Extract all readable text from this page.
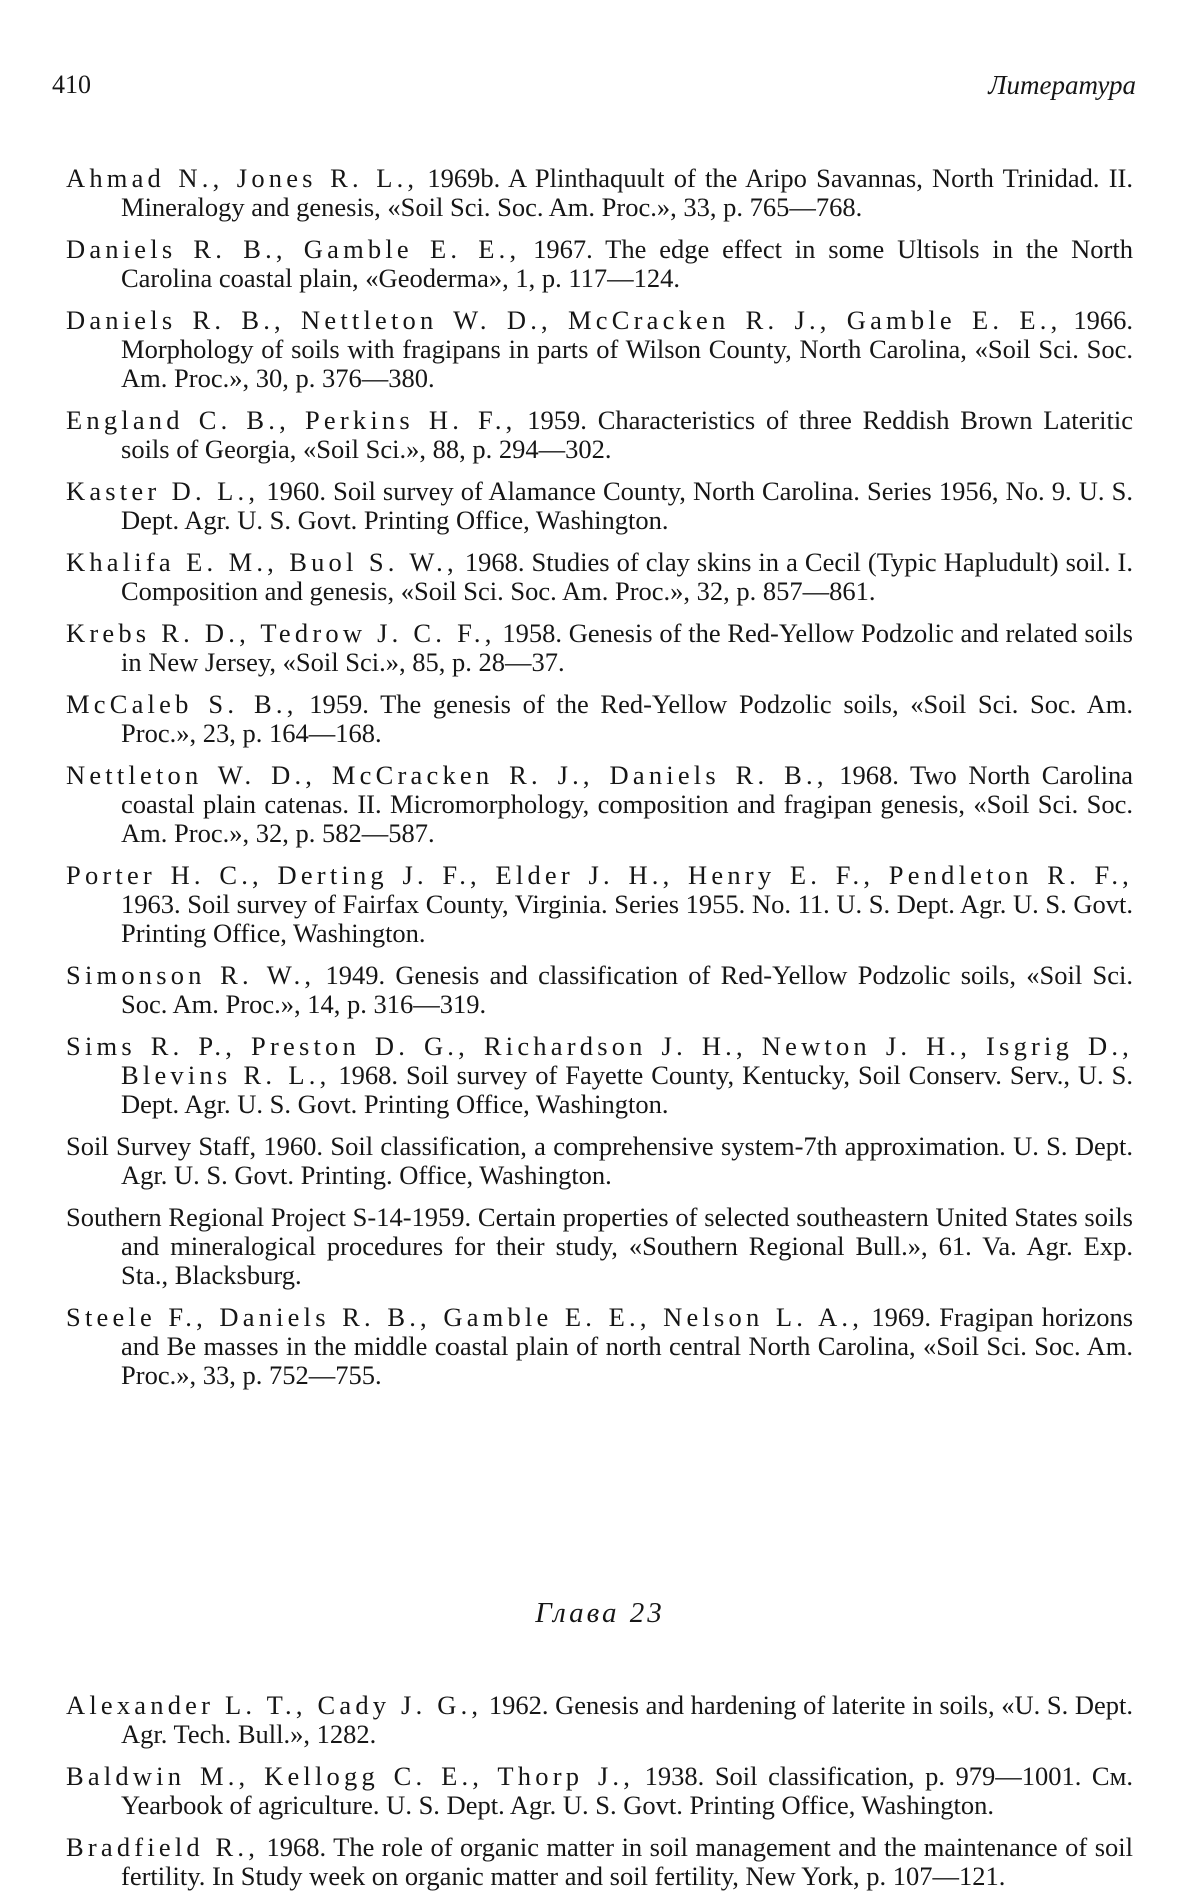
410	Литература

Ahmad N., Jones R. L., 1969b. A Plinthaquult of the Aripo Savannas, North Trinidad. II. Mineralogy and genesis, «Soil Sci. Soc. Am. Proc.», 33, p. 765—768.

Daniels R. B., Gamble E. E., 1967. The edge effect in some Ultisols in the North Carolina coastal plain, «Geoderma», 1, p. 117—124.

Daniels R. B., Nettleton W. D., McCracken R. J., Gamble E. E., 1966. Morphology of soils with fragipans in parts of Wilson County, North Carolina, «Soil Sci. Soc. Am. Proc.», 30, p. 376—380.

England C. B., Perkins H. F., 1959. Characteristics of three Reddish Brown Lateritic soils of Georgia, «Soil Sci.», 88, p. 294—302.

Kaster D. L., 1960. Soil survey of Alamance County, North Carolina. Series 1956, No. 9. U. S. Dept. Agr. U. S. Govt. Printing Office, Washington.

Khalifa E. M., Buol S. W., 1968. Studies of clay skins in a Cecil (Typic Hapludult) soil. I. Composition and genesis, «Soil Sci. Soc. Am. Proc.», 32, p. 857—861.

Krebs R. D., Tedrow J. C. F., 1958. Genesis of the Red-Yellow Podzolic and related soils in New Jersey, «Soil Sci.», 85, p. 28—37.

McCaleb S. B., 1959. The genesis of the Red-Yellow Podzolic soils, «Soil Sci. Soc. Am. Proc.», 23, p. 164—168.

Nettleton W. D., McCracken R. J., Daniels R. B., 1968. Two North Carolina coastal plain catenas. II. Micromorphology, composition and fragipan genesis, «Soil Sci. Soc. Am. Proc.», 32, p. 582—587.

Porter H. C., Derting J. F., Elder J. H., Henry E. F., Pendleton R. F., 1963. Soil survey of Fairfax County, Virginia. Series 1955. No. 11. U. S. Dept. Agr. U. S. Govt. Printing Office, Washington.

Simonson R. W., 1949. Genesis and classification of Red-Yellow Podzolic soils, «Soil Sci. Soc. Am. Proc.», 14, p. 316—319.

Sims R. P., Preston D. G., Richardson J. H., Newton J. H., Isgrig D., Blevins R. L., 1968. Soil survey of Fayette County, Kentucky, Soil Conserv. Serv., U. S. Dept. Agr. U. S. Govt. Printing Office, Washington.

Soil Survey Staff, 1960. Soil classification, a comprehensive system-7th approximation. U. S. Dept. Agr. U. S. Govt. Printing. Office, Washington.

Southern Regional Project S-14-1959. Certain properties of selected southeastern United States soils and mineralogical procedures for their study, «Southern Regional Bull.», 61. Va. Agr. Exp. Sta., Blacksburg.

Steele F., Daniels R. B., Gamble E. E., Nelson L. A., 1969. Fragipan horizons and Be masses in the middle coastal plain of north central North Carolina, «Soil Sci. Soc. Am. Proc.», 33, p. 752—755.

Глава 23

Alexander L. T., Cady J. G., 1962. Genesis and hardening of laterite in soils, «U. S. Dept. Agr. Tech. Bull.», 1282.

Baldwin M., Kellogg C. E., Thorp J., 1938. Soil classification, p. 979—1001. См. Yearbook of agriculture. U. S. Dept. Agr. U. S. Govt. Printing Office, Washington.

Bradfield R., 1968. The role of organic matter in soil management and the maintenance of soil fertility. In Study week on organic matter and soil fertility, New York, p. 107—121.
